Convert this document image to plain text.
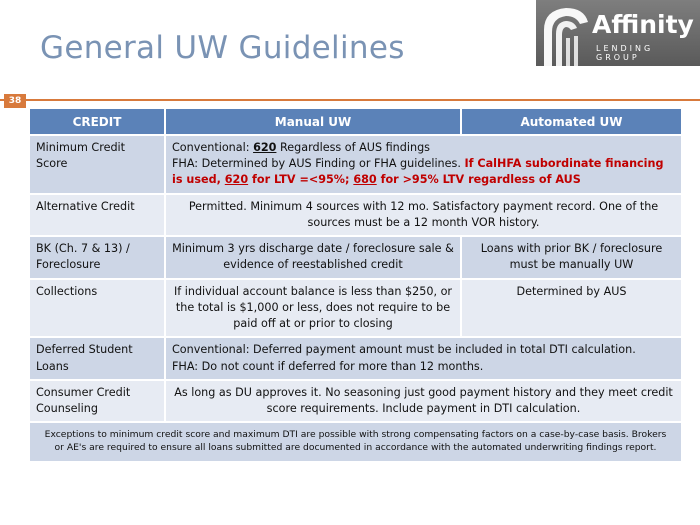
General UW Guidelines
Affinity
LENDING GROUP
38
CREDIT	Manual UW	Automated UW
Minimum Credit Score	Conventional: 620 Regardless of AUS findings
FHA: Determined by AUS Finding or FHA guidelines. If CalHFA subordinate financing is used, 620 for LTV =<95%; 680 for >95% LTV regardless of AUS	
Alternative Credit	Permitted. Minimum 4 sources with 12 mo. Satisfactory payment record. One of the sources must be a 12 month VOR history.	
BK (Ch. 7 & 13) / Foreclosure	Minimum 3 yrs discharge date / foreclosure sale & evidence of reestablished credit	Loans with prior BK / foreclosure must be manually UW
Collections	If individual account balance is less than $250, or the total is $1,000 or less, does not require to be paid off at or prior to closing	Determined by AUS
Deferred Student Loans	Conventional: Deferred payment amount must be included in total DTI calculation.
FHA: Do not count if deferred for more than 12 months.	
Consumer Credit Counseling	As long as DU approves it. No seasoning just good payment history and they meet credit score requirements. Include payment in DTI calculation.	
Exceptions to minimum credit score and maximum DTI are possible with strong compensating factors on a case-by-case basis. Brokers or AE's are required to ensure all loans submitted are documented in accordance with the automated underwriting findings report.		
